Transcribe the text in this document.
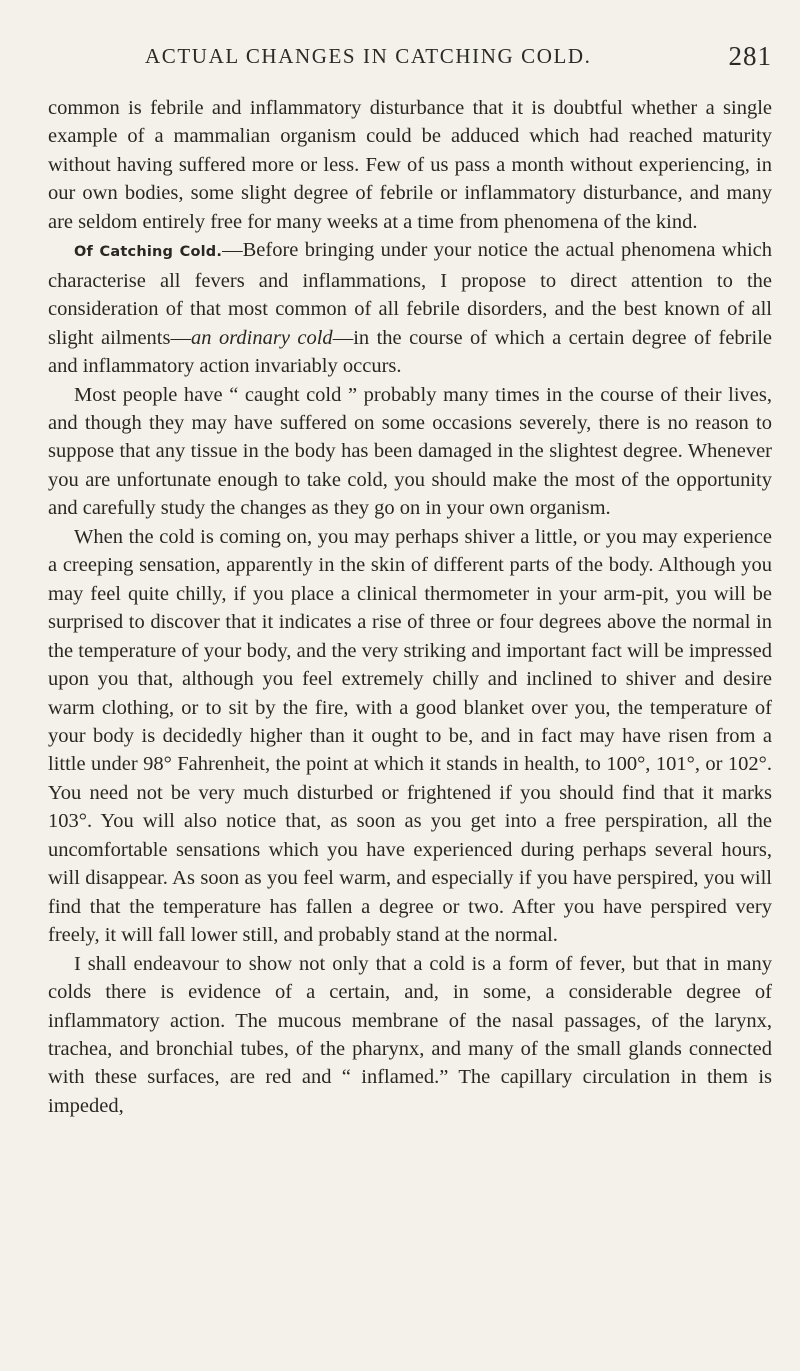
ACTUAL CHANGES IN CATCHING COLD.	281

common is febrile and inflammatory disturbance that it is doubtful whether a single example of a mammalian organism could be adduced which had reached maturity without having suffered more or less. Few of us pass a month without experiencing, in our own bodies, some slight degree of febrile or inflammatory disturbance, and many are seldom entirely free for many weeks at a time from phenomena of the kind.

Of Catching Cold.—Before bringing under your notice the actual phenomena which characterise all fevers and inflammations, I propose to direct attention to the consideration of that most common of all febrile disorders, and the best known of all slight ailments—an ordinary cold—in the course of which a certain degree of febrile and inflammatory action invariably occurs.

Most people have “ caught cold ” probably many times in the course of their lives, and though they may have suffered on some occasions severely, there is no reason to suppose that any tissue in the body has been damaged in the slightest degree. Whenever you are unfortunate enough to take cold, you should make the most of the opportunity and carefully study the changes as they go on in your own organism.

When the cold is coming on, you may perhaps shiver a little, or you may experience a creeping sensation, apparently in the skin of different parts of the body. Although you may feel quite chilly, if you place a clinical thermometer in your arm-pit, you will be surprised to discover that it indicates a rise of three or four degrees above the normal in the temperature of your body, and the very striking and important fact will be impressed upon you that, although you feel extremely chilly and inclined to shiver and desire warm clothing, or to sit by the fire, with a good blanket over you, the temperature of your body is decidedly higher than it ought to be, and in fact may have risen from a little under 98° Fahrenheit, the point at which it stands in health, to 100°, 101°, or 102°. You need not be very much disturbed or frightened if you should find that it marks 103°. You will also notice that, as soon as you get into a free perspiration, all the uncomfortable sensations which you have experienced during perhaps several hours, will disappear. As soon as you feel warm, and especially if you have perspired, you will find that the temperature has fallen a degree or two. After you have perspired very freely, it will fall lower still, and probably stand at the normal.

I shall endeavour to show not only that a cold is a form of fever, but that in many colds there is evidence of a certain, and, in some, a considerable degree of inflammatory action. The mucous membrane of the nasal passages, of the larynx, trachea, and bronchial tubes, of the pharynx, and many of the small glands connected with these surfaces, are red and “ inflamed.” The capillary circulation in them is impeded,
